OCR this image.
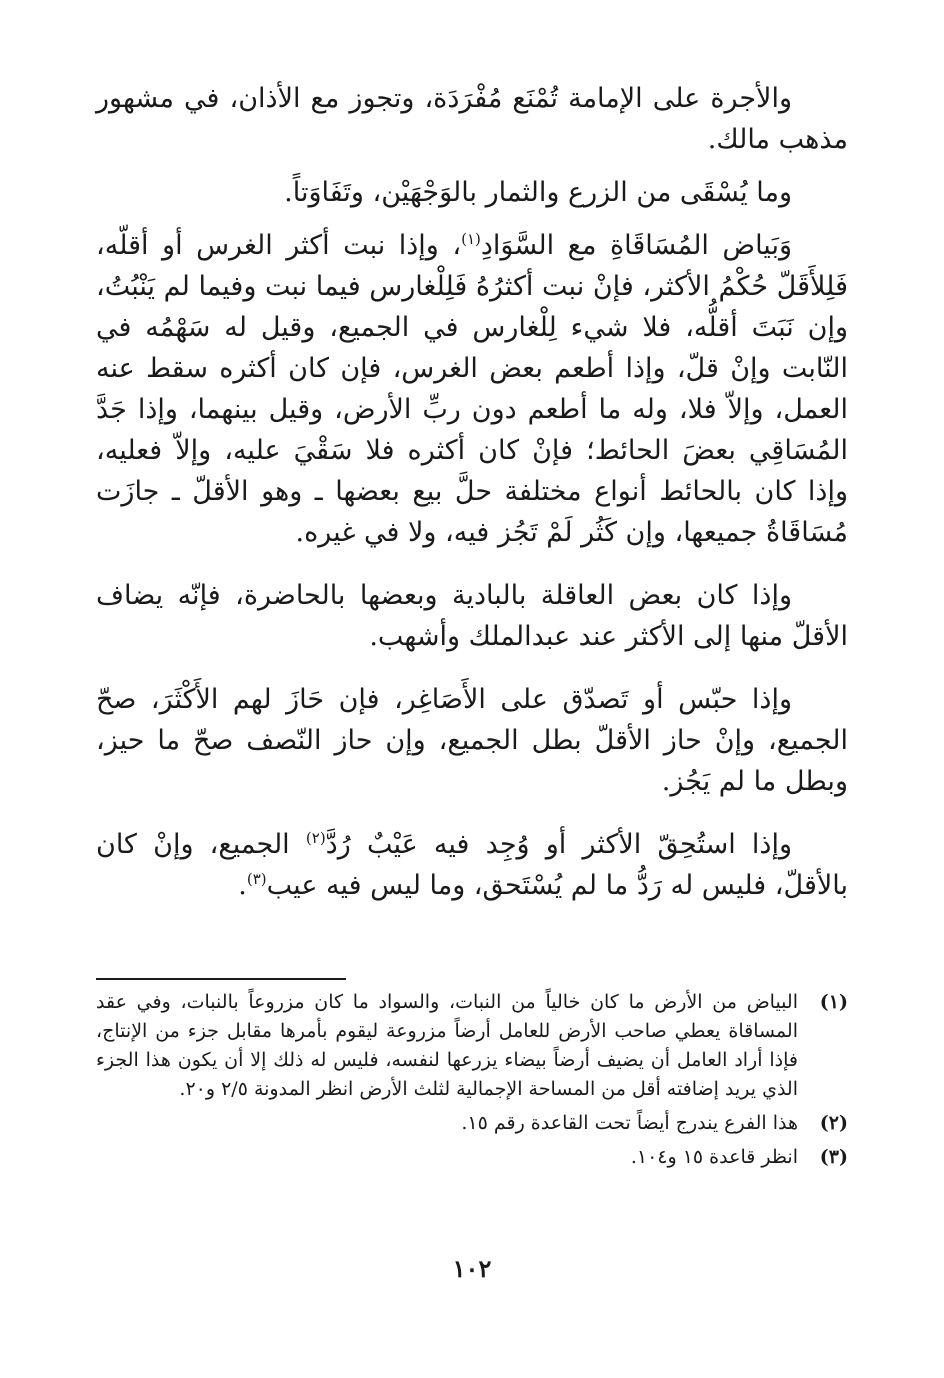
والأجرة على الإمامة تُمْنَع مُفْرَدَة، وتجوز مع الأذان، في مشهور مذهب مالك.

وما يُسْقَى من الزرع والثمار بالوَجْهَيْن، وتَفَاوَتاً.

وَبَياض المُسَاقَاةِ مع السَّوَادِ$^{(١)}$، وإذا نبت أكثر الغرس أو أقلّه، فَلِلأَقَلّ حُكْمُ الأكثر، فإنْ نبت أكثرُهُ فَلِلْغارس فيما نبت وفيما لم يَنْبُتُ، وإن نَبَتَ أقلُّه، فلا شيء لِلْغارس في الجميع، وقيل له سَهْمُه في النّابت وإنْ قلّ، وإذا أطعم بعض الغرس، فإن كان أكثره سقط عنه العمل، وإلاّ فلا، وله ما أطعم دون ربِّ الأرض، وقيل بينهما، وإذا جَدَّ المُسَاقِي بعضَ الحائط؛ فإنْ كان أكثره فلا سَقْيَ عليه، وإلاّ فعليه، وإذا كان بالحائط أنواع مختلفة حلَّ بيع بعضها ـ وهو الأقلّ ـ جازَت مُسَاقَاةُ جميعها، وإن كَثُر لَمْ تَجُز فيه، ولا في غيره.

وإذا كان بعض العاقلة بالبادية وبعضها بالحاضرة، فإنّه يضاف الأقلّ منها إلى الأكثر عند عبدالملك وأشهب.

وإذا حبّس أو تَصدّق على الأَصَاغِر، فإن حَازَ لهم الأَكْثَرَ، صحّ الجميع، وإنْ حاز الأقلّ بطل الجميع، وإن حاز النّصف صحّ ما حيز، وبطل ما لم يَجُز.

وإذا استُحِقّ الأكثر أو وُجِد فيه عَيْبٌ رُدَّ$^{(٢)}$ الجميع، وإنْ كان بالأقلّ، فليس له رَدُّ ما لم يُسْتَحق، وما ليس فيه عيب$^{(٣)}$.

(١)
البياض من الأرض ما كان خالياً من النبات، والسواد ما كان مزروعاً بالنبات، وفي عقد المساقاة يعطي صاحب الأرض للعامل أرضاً مزروعة ليقوم بأمرها مقابل جزء من الإنتاج، فإذا أراد العامل أن يضيف أرضاً بيضاء يزرعها لنفسه، فليس له ذلك إلا أن يكون هذا الجزء الذي يريد إضافته أقل من المساحة الإجمالية لثلث الأرض انظر المدونة ٢/٥ و٢٠.
(٢)
هذا الفرع يندرج أيضاً تحت القاعدة رقم ١٥.
(٣)
انظر قاعدة ١٥ و١٠٤.
١٠٢
